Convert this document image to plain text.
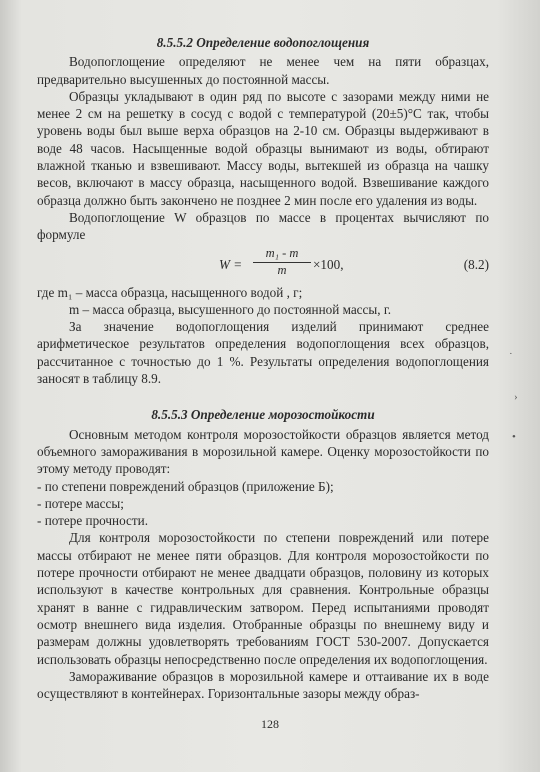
8.5.5.2 Определение водопоглощения

Водопоглощение определяют не менее чем на пяти образцах, предварительно высушенных до постоянной массы.

Образцы укладывают в один ряд по высоте с зазорами между ними не менее 2 см на решетку в сосуд с водой с температурой (20±5)°С так, чтобы уровень воды был выше верха образцов на 2-10 см. Образцы выдерживают в воде 48 часов. Насыщенные водой образцы вынимают из воды, обтирают влажной тканью и взвешивают. Массу воды, вытекшей из образца на чашку весов, включают в массу образца, насыщенного водой. Взвешивание каждого образца должно быть закончено не позднее 2 мин после его удаления из воды.

Водопоглощение W образцов по массе в процентах вычисляют по формуле

$W = \frac{\text{m₁ - m}}{m} \times 100$,	(8.2)

где m₁ – масса образца, насыщенного водой , г;

m – масса образца, высушенного до постоянной массы, г.

За значение водопоглощения изделий принимают среднее арифметическое результатов определения водопоглощения всех образцов, рассчитанное с точностью до 1 %. Результаты определения водопоглощения заносят в таблицу 8.9.

8.5.5.3 Определение морозостойкости

Основным методом контроля морозостойкости образцов является метод объемного замораживания в морозильной камере. Оценку морозостойкости по этому методу проводят:

- по степени повреждений образцов (приложение Б);

- потере массы;

- потере прочности.

Для контроля морозостойкости по степени повреждений или потере массы отбирают не менее пяти образцов. Для контроля морозостойкости по потере прочности отбирают не менее двадцати образцов, половину из которых используют в качестве контрольных для сравнения. Контрольные образцы хранят в ванне с гидравлическим затвором. Перед испытаниями проводят осмотр внешнего вида изделия. Отобранные образцы по внешнему виду и размерам должны удовлетворять требованиям ГОСТ 530-2007. Допускается использовать образцы непосредственно после определения их водопоглощения.

Замораживание образцов в морозильной камере и оттаивание их в воде осуществляют в контейнерах. Горизонтальные зазоры между образ-

128
˙
›
•
